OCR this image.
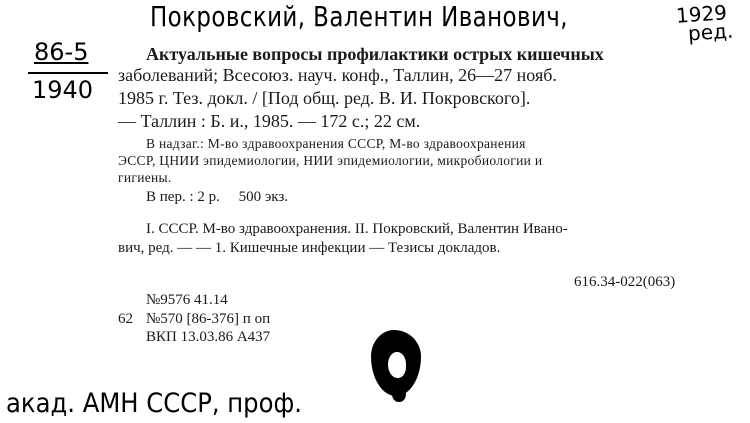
Покровский, Валентин Иванович,	1929
ред.
86-5
1940
Актуальные вопросы профилактики острых кишечных
заболеваний; Всесоюз. науч. конф., Таллин, 26—27 нояб.
1985 г. Тез. докл. / [Под общ. ред. В. И. Покровского].
— Таллин : Б. и., 1985. — 172 с.; 22 см.
В надзаг.: М-во здравоохранения СССР, М-во здравоохранения
ЭССР, ЦНИИ эпидемиологии, НИИ эпидемиологии, микробиологии и
гигиены.
В пер. : 2 р.     500 экз.
I. СССР. М-во здравоохранения. II. Покровский, Валентин Ивано-
вич, ред. — — 1. Кишечные инфекции — Тезисы докладов.
616.34-022(063)
№9576 41.14
62 №570 [86-376] п оп
ВКП 13.03.86 А437
акад. АМН СССР, проф.
